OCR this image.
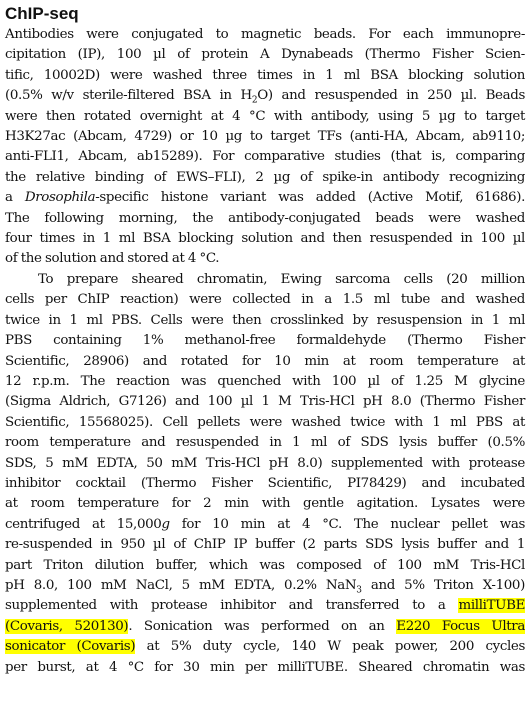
ChIP-seq
Antibodies were conjugated to magnetic beads. For each immunopre-
cipitation (IP), 100 µl of protein A Dynabeads (Thermo Fisher Scien-
tific, 10002D) were washed three times in 1 ml BSA blocking solution
(0.5% w/v sterile-filtered BSA in $H_2O$) and resuspended in 250 µl. Beads
were then rotated overnight at 4 °C with antibody, using 5 µg to target
H3K27ac (Abcam, 4729) or 10 µg to target TFs (anti-HA, Abcam, ab9110;
anti-FLI1, Abcam, ab15289). For comparative studies (that is, comparing
the relative binding of EWS–FLI), 2 µg of spike-in antibody recognizing
a Drosophila-specific histone variant was added (Active Motif, 61686).
The following morning, the antibody-conjugated beads were washed
four times in 1 ml BSA blocking solution and then resuspended in 100 µl
of the solution and stored at 4 °C.
To prepare sheared chromatin, Ewing sarcoma cells (20 million
cells per ChIP reaction) were collected in a 1.5 ml tube and washed
twice in 1 ml PBS. Cells were then crosslinked by resuspension in 1 ml
PBS containing 1% methanol-free formaldehyde (Thermo Fisher
Scientific, 28906) and rotated for 10 min at room temperature at
12 r.p.m. The reaction was quenched with 100 µl of 1.25 M glycine
(Sigma Aldrich, G7126) and 100 µl 1 M Tris-HCl pH 8.0 (Thermo Fisher
Scientific, 15568025). Cell pellets were washed twice with 1 ml PBS at
room temperature and resuspended in 1 ml of SDS lysis buffer (0.5%
SDS, 5 mM EDTA, 50 mM Tris-HCl pH 8.0) supplemented with protease
inhibitor cocktail (Thermo Fisher Scientific, PI78429) and incubated
at room temperature for 2 min with gentle agitation. Lysates were
centrifuged at 15,000g for 10 min at 4 °C. The nuclear pellet was
re-suspended in 950 µl of ChIP IP buffer (2 parts SDS lysis buffer and 1
part Triton dilution buffer, which was composed of 100 mM Tris-HCl
pH 8.0, 100 mM NaCl, 5 mM EDTA, 0.2% NaN$_3$ and 5% Triton X-100)
supplemented with protease inhibitor and transferred to a milliTUBE
(Covaris, 520130). Sonication was performed on an E220 Focus Ultra
sonicator (Covaris) at 5% duty cycle, 140 W peak power, 200 cycles
per burst, at 4 °C for 30 min per milliTUBE. Sheared chromatin was
